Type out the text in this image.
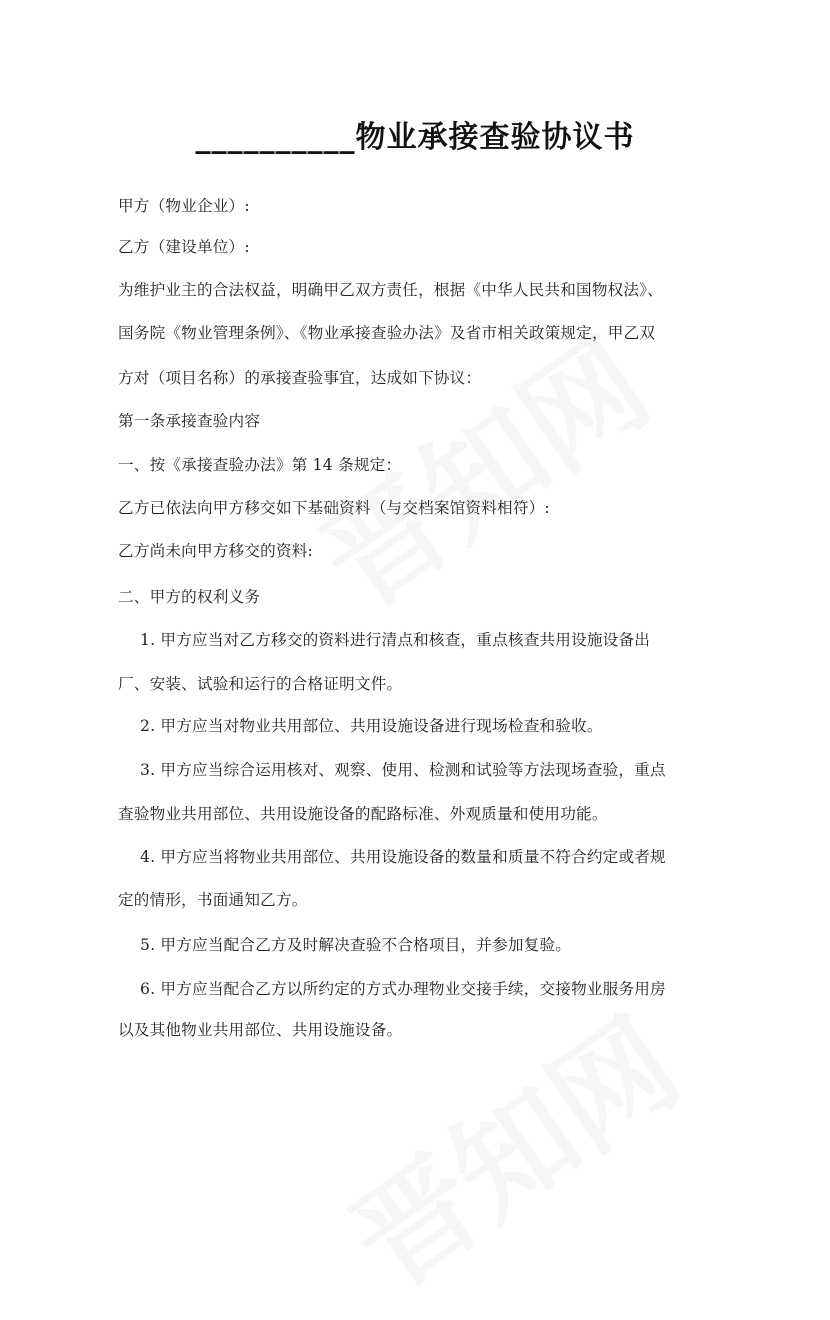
__________物业承接查验协议书
甲方（物业企业）:
乙方（建设单位）:
为维护业主的合法权益，明确甲乙双方责任，根据《中华人民共和国物权法》、
国务院《物业管理条例》、《物业承接查验办法》及省市相关政策规定，甲乙双
方对（项目名称）的承接查验事宜，达成如下协议：
第一条承接查验内容
一、按《承接查验办法》第 14 条规定：
乙方已依法向甲方移交如下基础资料（与交档案馆资料相符）:
乙方尚未向甲方移交的资料:
二、甲方的权利义务
1. 甲方应当对乙方移交的资料进行清点和核查，重点核查共用设施设备出
厂、安装、试验和运行的合格证明文件。
2. 甲方应当对物业共用部位、共用设施设备进行现场检查和验收。
3. 甲方应当综合运用核对、观察、使用、检测和试验等方法现场查验，重点
查验物业共用部位、共用设施设备的配路标准、外观质量和使用功能。
4. 甲方应当将物业共用部位、共用设施设备的数量和质量不符合约定或者规
定的情形，书面通知乙方。
5. 甲方应当配合乙方及时解决查验不合格项目，并参加复验。
6. 甲方应当配合乙方以所约定的方式办理物业交接手续，交接物业服务用房
以及其他物业共用部位、共用设施设备。
